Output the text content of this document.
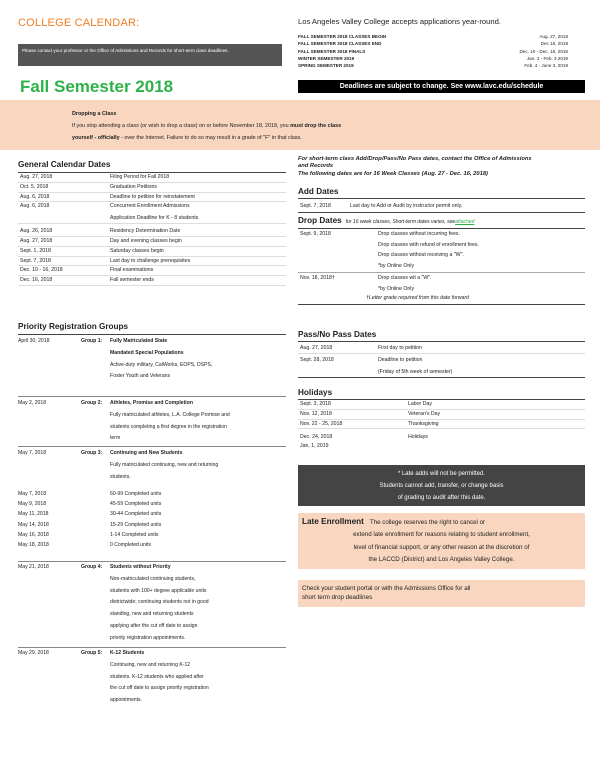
COLLEGE CALENDAR:
Please contact your professor or the Office of Admissions and Records for short-term class deadlines.
Fall Semester 2018
Los Angeles Valley College accepts applications year-round.
FALL SEMESTER 2018 CLASSES BEGIN	Aug. 27, 2018
FALL SEMESTER 2018 CLASSES END	Dec 16, 2018
FALL SEMESTER 2018 FINALS	Dec. 10 - Dec. 16, 2018
WINTER SEMESTER 2019	Jan. 2 - Feb. 3 2019
SPRING SEMESTER 2019	Feb. 4 - June 3, 2019
Deadlines are subject to change. See www.lavc.edu/schedule
Dropping a Class
If you stop attending a class (or wish to drop a class) on or before November 18, 2018, you must drop the class
yourself - officially - over the Internet. Failure to do so may result in a grade of "F" in that class.
General Calendar Dates
Aug. 27, 2018	Filing Period for Fall 2018
Oct. 5, 2018	Graduation Petitions
Aug. 6, 2018	Deadline to petition for reinstatement
Aug. 6, 2018	Concurrent Enrollment Admissions
Application Deadline for K - 8 students
Aug. 26, 2018	Residency Determination Date
Aug. 27, 2018	Day and evening classes begin
Sept. 1, 2018	Saturday classes begin
Sept. 7, 2018	Last day to challenge prerequisites
Dec. 10 - 16, 2018	Final examinations
Dec. 16, 2018	Fall semester ends
Priority Registration Groups
April 30, 2018	Group 1:	Fully Matriculated State
Mandated Special Populations
Active-duty military, CalWorks, EOPS, DSPS,
Foster Youth and Veterans
May 2, 2018	Group 2:	Athletes, Promise and Completion
Fully matriculated athletes, L.A. College Promise and
students completing a first degree in the registration
term
May 7, 2018	Group 3:	Continuing and New Students
Fully matriculated continuing, new and returning
students.
May 7, 2018	60-99 Completed units
May 9, 2018	45-59 Completed units
May 11, 2018	30-44 Completed units
May 14, 2018	15-29 Completed units
May 16, 2018	1-14 Completed units
May 18, 2018	0 Completed units
May 21, 2018	Group 4:	Students without Priority
Non-matriculated continuing students,
students with 100+ degree applicable units
districtwide; continuing students not in good
standing, new and returning students
applying after the cut off date to assign
priority registration appointments.
May 29, 2018	Group 5:	K-12 Students
Continuing, new and returning K-12
students. K-12 students who applied after
the cut off date to assign priority registration
appointments.
For short-term class Add/Drop/Pass/No Pass dates, contact the Office of Admissions
and Records
The following dates are for 16 Week Classes (Aug. 27 - Dec. 16, 2018)
Add Dates
Sept. 7, 2018	Last day to Add or Audit by instructor permit only.
Drop Dates for 16 week classes, Short-term dates varies, see attached
Sept. 9, 2018	Drop classes without incurring fees.
Drop classes with refund of enrollment fees.
Drop classes without receiving a "W".
*by Online Only
Nov. 18, 2018†	Drop classes wit a "W".
*by Online Only
†Letter grade required from this date forward
Pass/No Pass Dates
Aug. 27, 2018	First day to petition
Sept. 28, 2018	Deadline to petition
(Friday of 5th week of semester)
Holidays
Sept. 3, 2018	Labor Day
Nov. 12, 2018	Veteran's Day
Nov. 22 - 25, 2018	Thanksgiving
Dec. 24, 2018	Holidays
Jan. 1, 2019
* Late adds will not be permitted.
Students cannot add, transfer, or change basis
of grading to audit after this date.
Late Enrollment The college reserves the right to cancel or
extend late enrollment for reasons relating to student enrollment,
level of financial support, or any other reason at the discretion of
the LACCD (District) and Los Angeles Valley College.
Check your student portal or with the Admissions Office for all
short term drop deadlines
